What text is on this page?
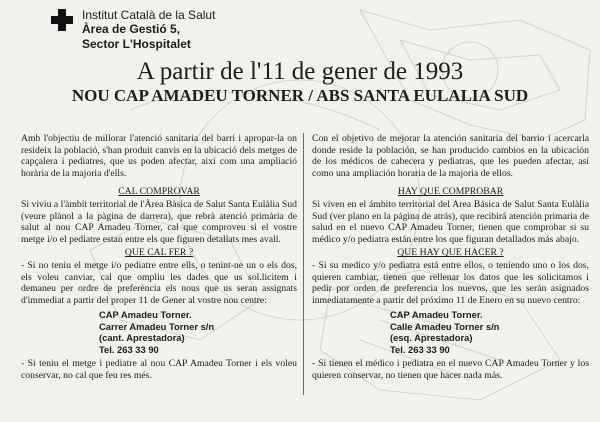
Institut Català de la Salut
Àrea de Gestió 5,
Sector L'Hospitalet
A partir de l'11 de gener de 1993
NOU CAP AMADEU TORNER / ABS SANTA EULALIA SUD

Amb l'objectiu de millorar l'atenció sanitaria del barri i apropar-la on resideix la població, s'han produit canvis en la ubicació dels metges de capçalera i pediatres, que us poden afectar, així com una ampliació horària de la majoria d'ells.

CAL COMPROVAR

Si viviu a l'àmbit territorial de l'Àrea Bàsica de Salut Santa Eulàlia Sud (veure plànol a la pàgina de darrera), que rebrà atenció primària de salut al nou CAP Amadeu Torner, cal que comproveu si el vostre metge i/o el pediatre estan entre els que figuren detallats mes avall.

QUE CAL FER ?

- Si no teniu el metge i/o pediatre entre ells, o tenint-ne un o els dos, els voleu canviar, cal que ompliu les dades que us sol.licitem i demaneu per ordre de preferència els nous que us seran assignats d'immediat a partir del proper 11 de Gener al vostre nou centre:

CAP Amadeu Torner.
Carrer Amadeu Torner s/n
(cant. Aprestadora)
Tel. 263 33 90

- Si teniu el metge i pediatre al nou CAP Amadeu Torner i els voleu conservar, no cal que feu res més.

Con el objetivo de mejorar la atención sanitaria del barrio i acercarla donde reside la población, se han producido cambios en la ubicación de los médicos de cabecera y pediatras, que les pueden afectar, así como una ampliación horaria de la majoria de ellos.

HAY QUE COMPROBAR

Si viven en el ámbito territorial del Area Básica de Salut Santa Eulàlia Sud (ver plano en la página de atrás), que recibirá atención primaria de salud en el nuevo CAP Amadeu Torner, tienen que comprobar si su médico y/o pediatra están entre los que figuran detallados más abajo.

QUE HAY QUE HACER ?

- Si su medico y/o pediatra está entre ellos, o teniendo uno o los dos, quieren cambiar, tienen que rellenar los datos que les solicitamos i pedir por orden de preferencia los nuevos, que les serán asignados inmediatamente a partir del próximo 11 de Enero en su nuevo centro:

CAP Amadeu Torner.
Calle Amadeu Torner s/n
(esq. Aprestadora)
Tel. 263 33 90

- Si tienen el médico i pediatra en el nuevo CAP Amadeu Torner y los quieren conservar, no tienen que hacer nada más.
